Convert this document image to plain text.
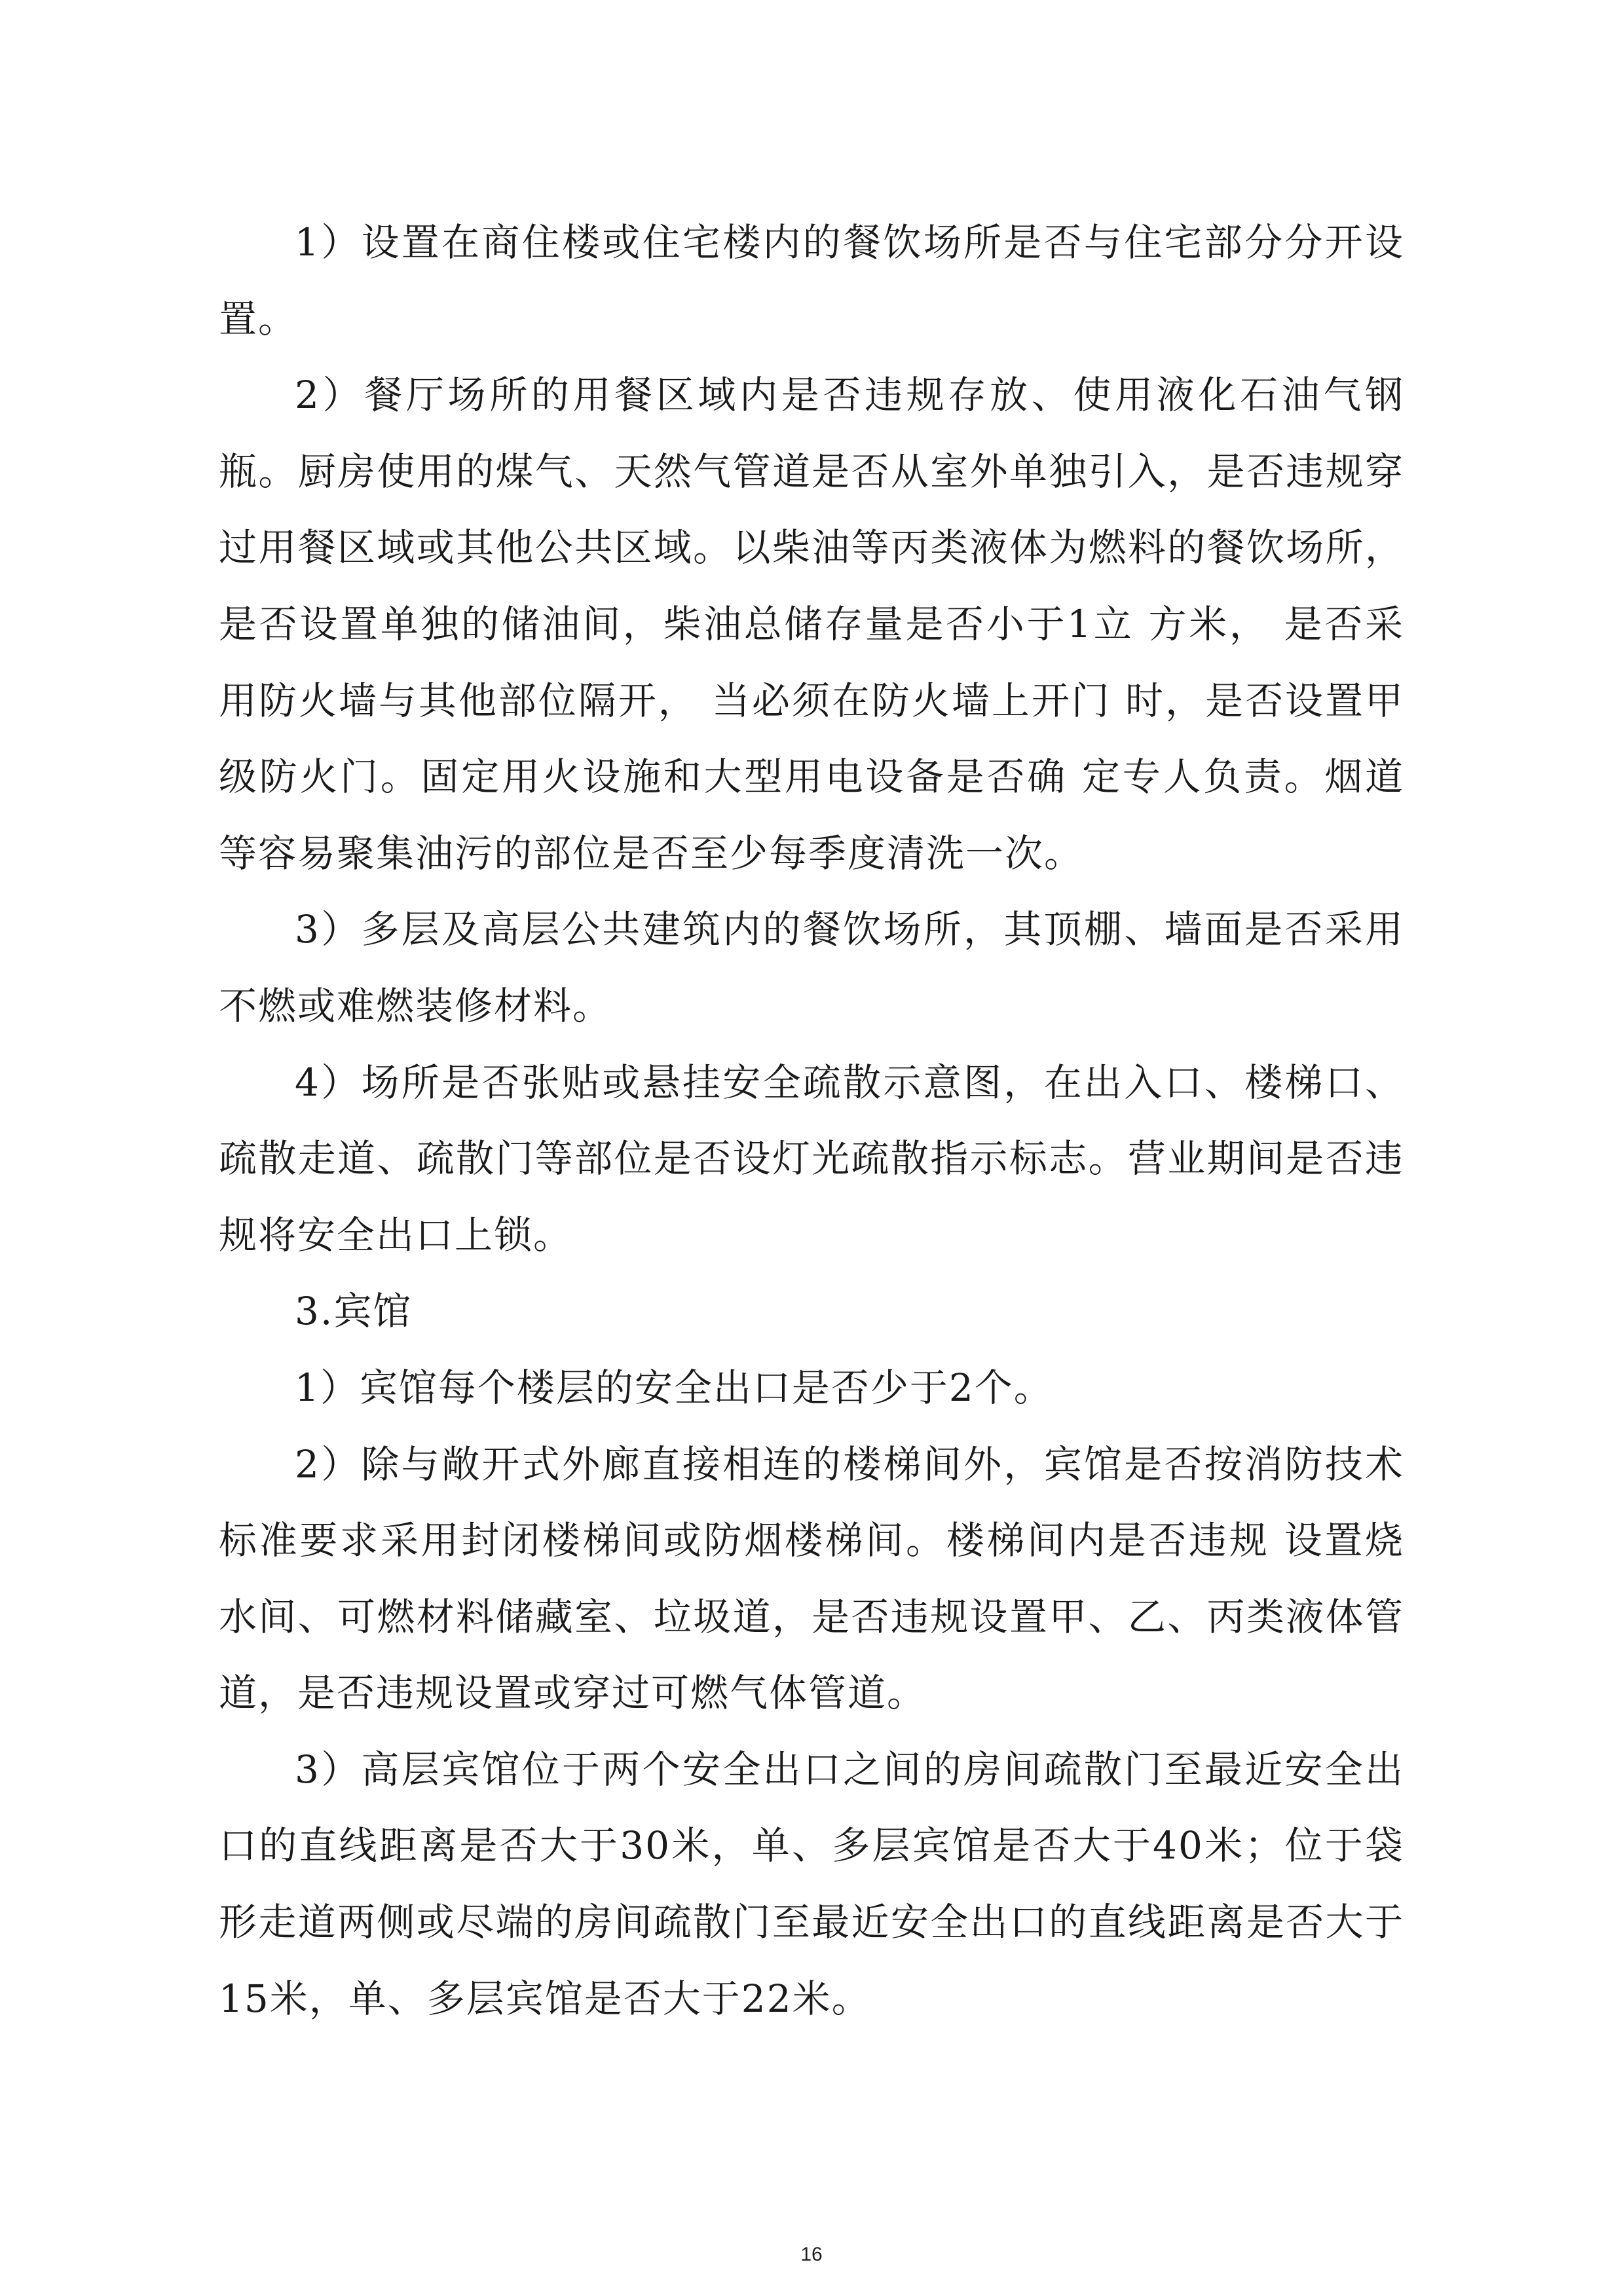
1）设置在商住楼或住宅楼内的餐饮场所是否与住宅部分分开设置。

2）餐厅场所的用餐区域内是否违规存放、使用液化石油气钢瓶。厨房使用的煤气、天然气管道是否从室外单独引入，是否违规穿过用餐区域或其他公共区域。以柴油等丙类液体为燃料的餐饮场所，是否设置单独的储油间，柴油总储存量是否小于1立 方米， 是否采用防火墙与其他部位隔开， 当必须在防火墙上开门 时，是否设置甲级防火门。固定用火设施和大型用电设备是否确 定专人负责。烟道等容易聚集油污的部位是否至少每季度清洗一次。

3）多层及高层公共建筑内的餐饮场所，其顶棚、墙面是否采用不燃或难燃装修材料。

4）场所是否张贴或悬挂安全疏散示意图，在出入口、楼梯口、疏散走道、疏散门等部位是否设灯光疏散指示标志。营业期间是否违规将安全出口上锁。

3.宾馆

1）宾馆每个楼层的安全出口是否少于2个。

2）除与敞开式外廊直接相连的楼梯间外，宾馆是否按消防技术标准要求采用封闭楼梯间或防烟楼梯间。楼梯间内是否违规 设置烧水间、可燃材料储藏室、垃圾道，是否违规设置甲、乙、丙类液体管道，是否违规设置或穿过可燃气体管道。

3）高层宾馆位于两个安全出口之间的房间疏散门至最近安全出口的直线距离是否大于30米，单、多层宾馆是否大于40米；位于袋形走道两侧或尽端的房间疏散门至最近安全出口的直线距离是否大于15米，单、多层宾馆是否大于22米。

16
